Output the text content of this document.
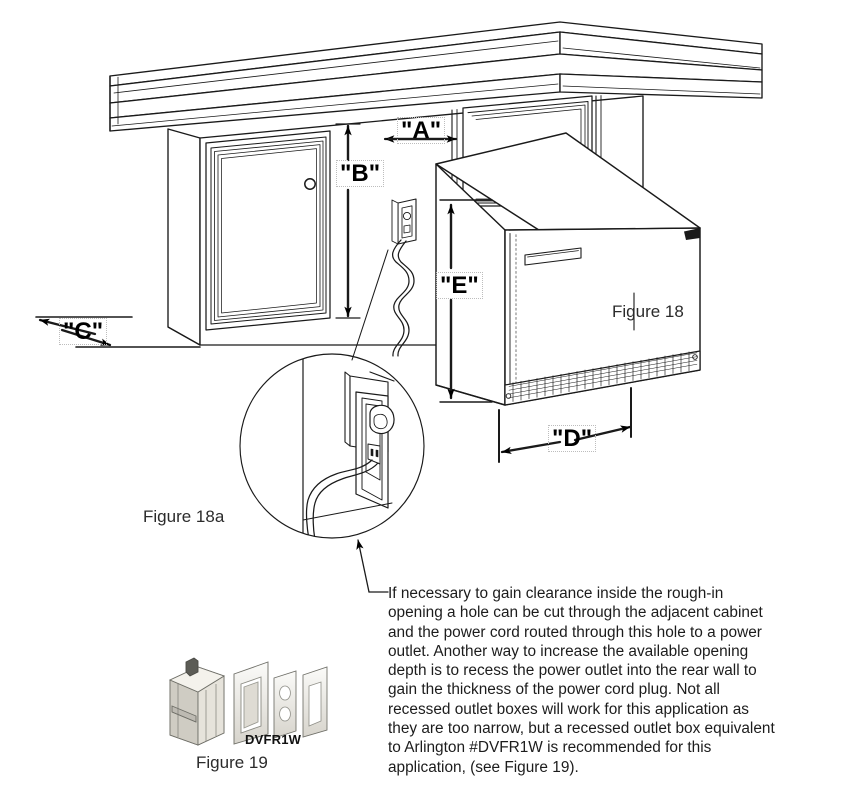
"A"
"B"
"C"
"D"
"E"
Figure 18
Figure 18a
Figure 19
DVFR1W
If necessary to gain clearance inside the rough-in opening a hole can be cut through the adjacent cabinet and the power cord routed through this hole to a power outlet. Another way to increase the available opening depth is to recess the power outlet into the rear wall to gain the thickness of the power cord plug. Not all recessed outlet boxes will work for this application as they are too narrow, but a recessed outlet box equivalent to Arlington #DVFR1W is recommended for this application, (see Figure 19).
